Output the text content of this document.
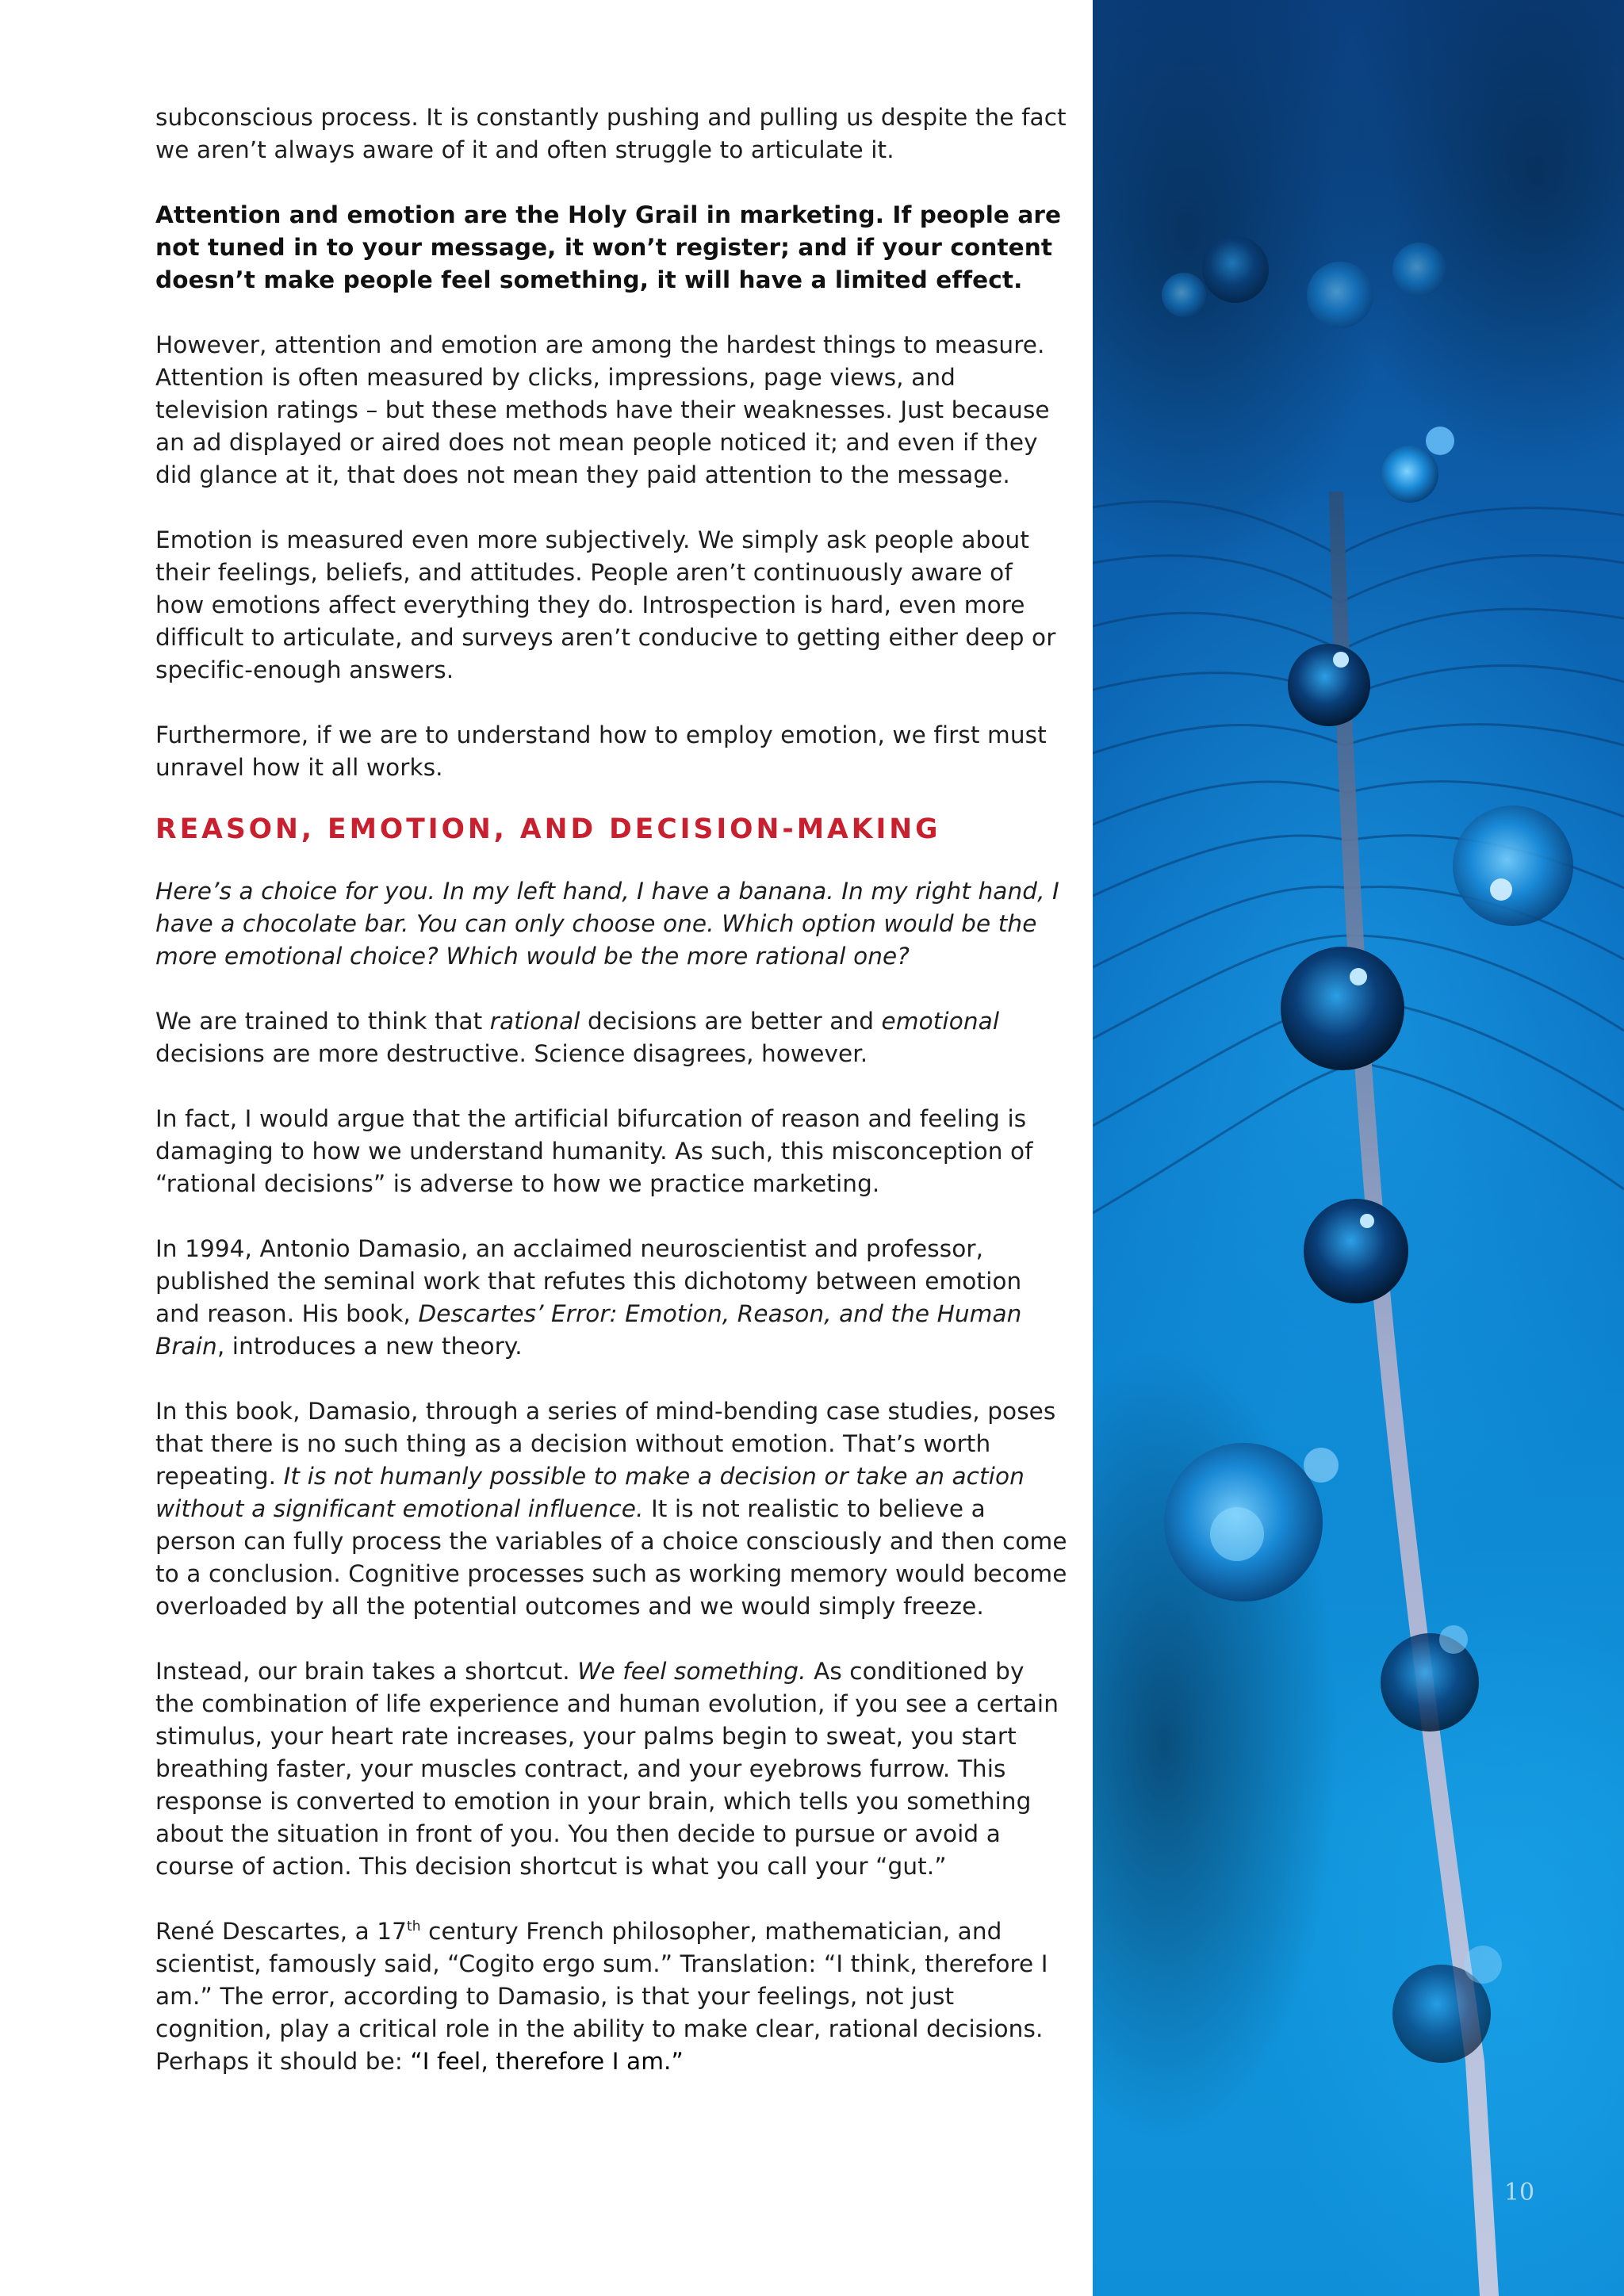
subconscious process. It is constantly pushing and pulling us despite the fact we aren’t always aware of it and often struggle to articulate it.

Attention and emotion are the Holy Grail in marketing. If people are not tuned in to your message, it won’t register; and if your content doesn’t make people feel something, it will have a limited effect.

However, attention and emotion are among the hardest things to measure. Attention is often measured by clicks, impressions, page views, and television ratings – but these methods have their weaknesses. Just because an ad displayed or aired does not mean people noticed it; and even if they did glance at it, that does not mean they paid attention to the message.

Emotion is measured even more subjectively. We simply ask people about their feelings, beliefs, and attitudes. People aren’t continuously aware of how emotions affect everything they do. Introspection is hard, even more difficult to articulate, and surveys aren’t conducive to getting either deep or specific-enough answers.

Furthermore, if we are to understand how to employ emotion, we first must unravel how it all works.

REASON, EMOTION, AND DECISION-MAKING

Here’s a choice for you. In my left hand, I have a banana. In my right hand, I have a chocolate bar. You can only choose one. Which option would be the more emotional choice? Which would be the more rational one?

We are trained to think that rational decisions are better and emotional decisions are more destructive. Science disagrees, however.

In fact, I would argue that the artificial bifurcation of reason and feeling is damaging to how we understand humanity. As such, this misconception of “rational decisions” is adverse to how we practice marketing.

In 1994, Antonio Damasio, an acclaimed neuroscientist and professor, published the seminal work that refutes this dichotomy between emotion and reason. His book, Descartes’ Error: Emotion, Reason, and the Human Brain, introduces a new theory.

In this book, Damasio, through a series of mind-bending case studies, poses that there is no such thing as a decision without emotion. That’s worth repeating. It is not humanly possible to make a decision or take an action without a significant emotional influence. It is not realistic to believe a person can fully process the variables of a choice consciously and then come to a conclusion. Cognitive processes such as working memory would become overloaded by all the potential outcomes and we would simply freeze.

Instead, our brain takes a shortcut. We feel something. As conditioned by the combination of life experience and human evolution, if you see a certain stimulus, your heart rate increases, your palms begin to sweat, you start breathing faster, your muscles contract, and your eyebrows furrow. This response is converted to emotion in your brain, which tells you something about the situation in front of you. You then decide to pursue or avoid a course of action. This decision shortcut is what you call your “gut.”

René Descartes, a 17th century French philosopher, mathematician, and scientist, famously said, “Cogito ergo sum.” Translation: “I think, therefore I am.” The error, according to Damasio, is that your feelings, not just cognition, play a critical role in the ability to make clear, rational decisions. Perhaps it should be: “I feel, therefore I am.”

10
